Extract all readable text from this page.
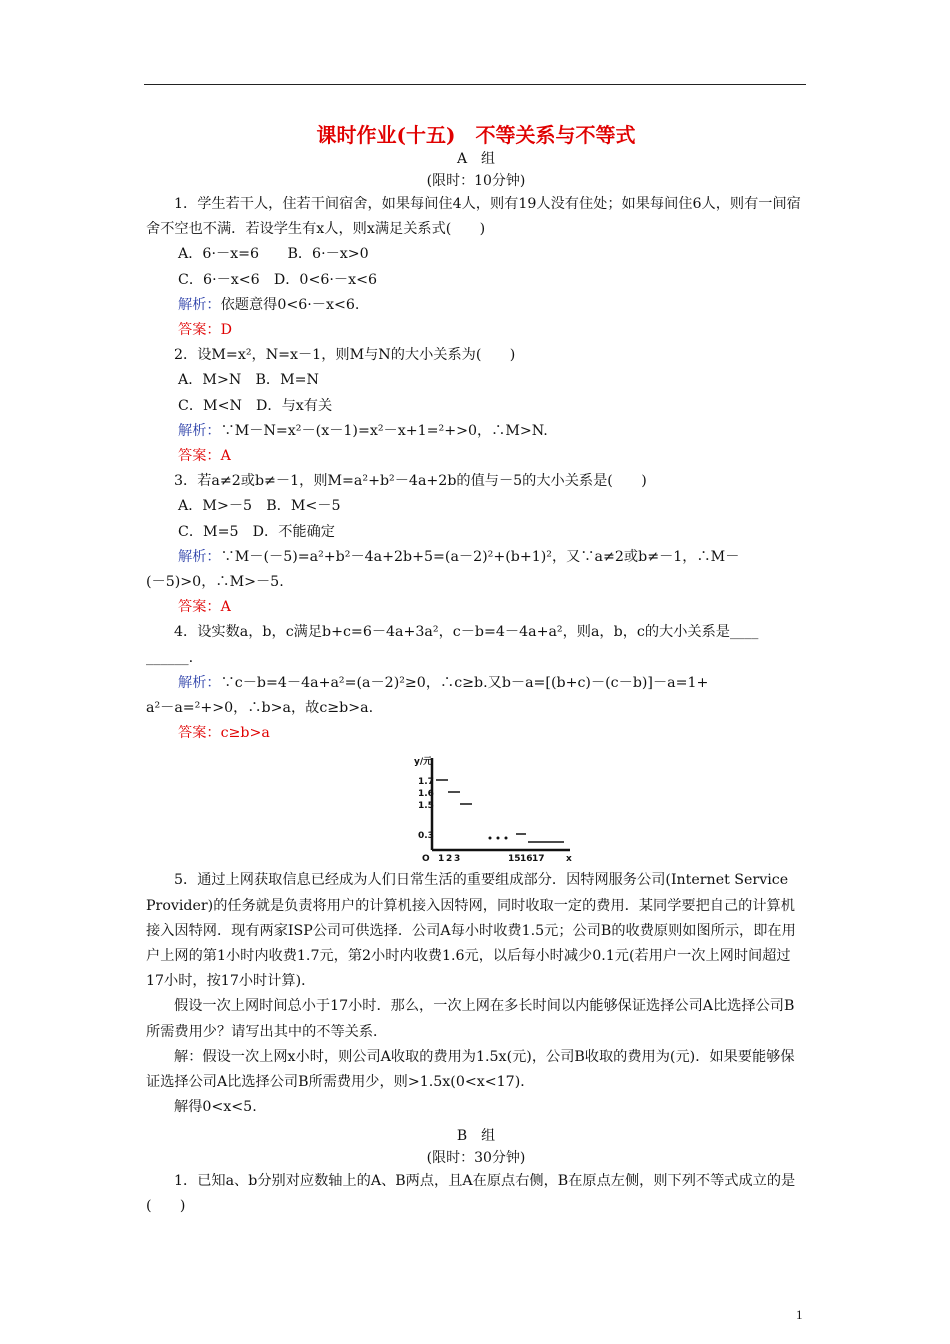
课时作业(十五)　不等关系与不等式
A　组
(限时：10分钟)

1．学生若干人，住若干间宿舍，如果每间住4人，则有19人没有住处；如果每间住6人，则有一间宿舍不空也不满．若设学生有x人，则x满足关系式(　　)

A．6·－x=6　　B．6·－x>0

C．6·－x<6　D．0<6·－x<6

解析：依题意得0<6·－x<6.

答案：D

2．设M=x²，N=x－1，则M与N的大小关系为(　　)

A．M>N　B．M=N

C．M<N　D．与x有关

解析：∵M－N=x²－(x－1)=x²－x+1=²+>0，∴M>N.

答案：A

3．若a≠2或b≠－1，则M=a²+b²－4a+2b的值与－5的大小关系是(　　)

A．M>－5　B．M<－5

C．M=5　D．不能确定

解析：∵M－(－5)=a²+b²－4a+2b+5=(a－2)²+(b+1)²，又∵a≠2或b≠－1，∴M－

(－5)>0，∴M>－5.

答案：A

4．设实数a，b，c满足b+c=6－4a+3a²，c－b=4－4a+a²，则a，b，c的大小关系是____

______.

解析：∵c－b=4－4a+a²=(a－2)²≥0，∴c≥b.又b－a=[(b+c)－(c－b)]－a=1+

a²－a=²+>0，∴b>a，故c≥b>a.

答案：c≥b>a

y/元
1.7
1.6
1.5
0.3
O 1 2 3	15 16 17 x

5．通过上网获取信息已经成为人们日常生活的重要组成部分．因特网服务公司(Internet Service Provider)的任务就是负责将用户的计算机接入因特网，同时收取一定的费用．某同学要把自己的计算机接入因特网．现有两家ISP公司可供选择．公司A每小时收费1.5元；公司B的收费原则如图所示，即在用户上网的第1小时内收费1.7元，第2小时内收费1.6元，以后每小时减少0.1元(若用户一次上网时间超过17小时，按17小时计算)．

假设一次上网时间总小于17小时．那么，一次上网在多长时间以内能够保证选择公司A比选择公司B所需费用少？请写出其中的不等关系．

解：假设一次上网x小时，则公司A收取的费用为1.5x(元)，公司B收取的费用为(元)．如果要能够保证选择公司A比选择公司B所需费用少，则>1.5x(0<x<17)．

解得0<x<5.

B　组
(限时：30分钟)

1．已知a、b分别对应数轴上的A、B两点，且A在原点右侧，B在原点左侧，则下列不等式成立的是(　　)

1
